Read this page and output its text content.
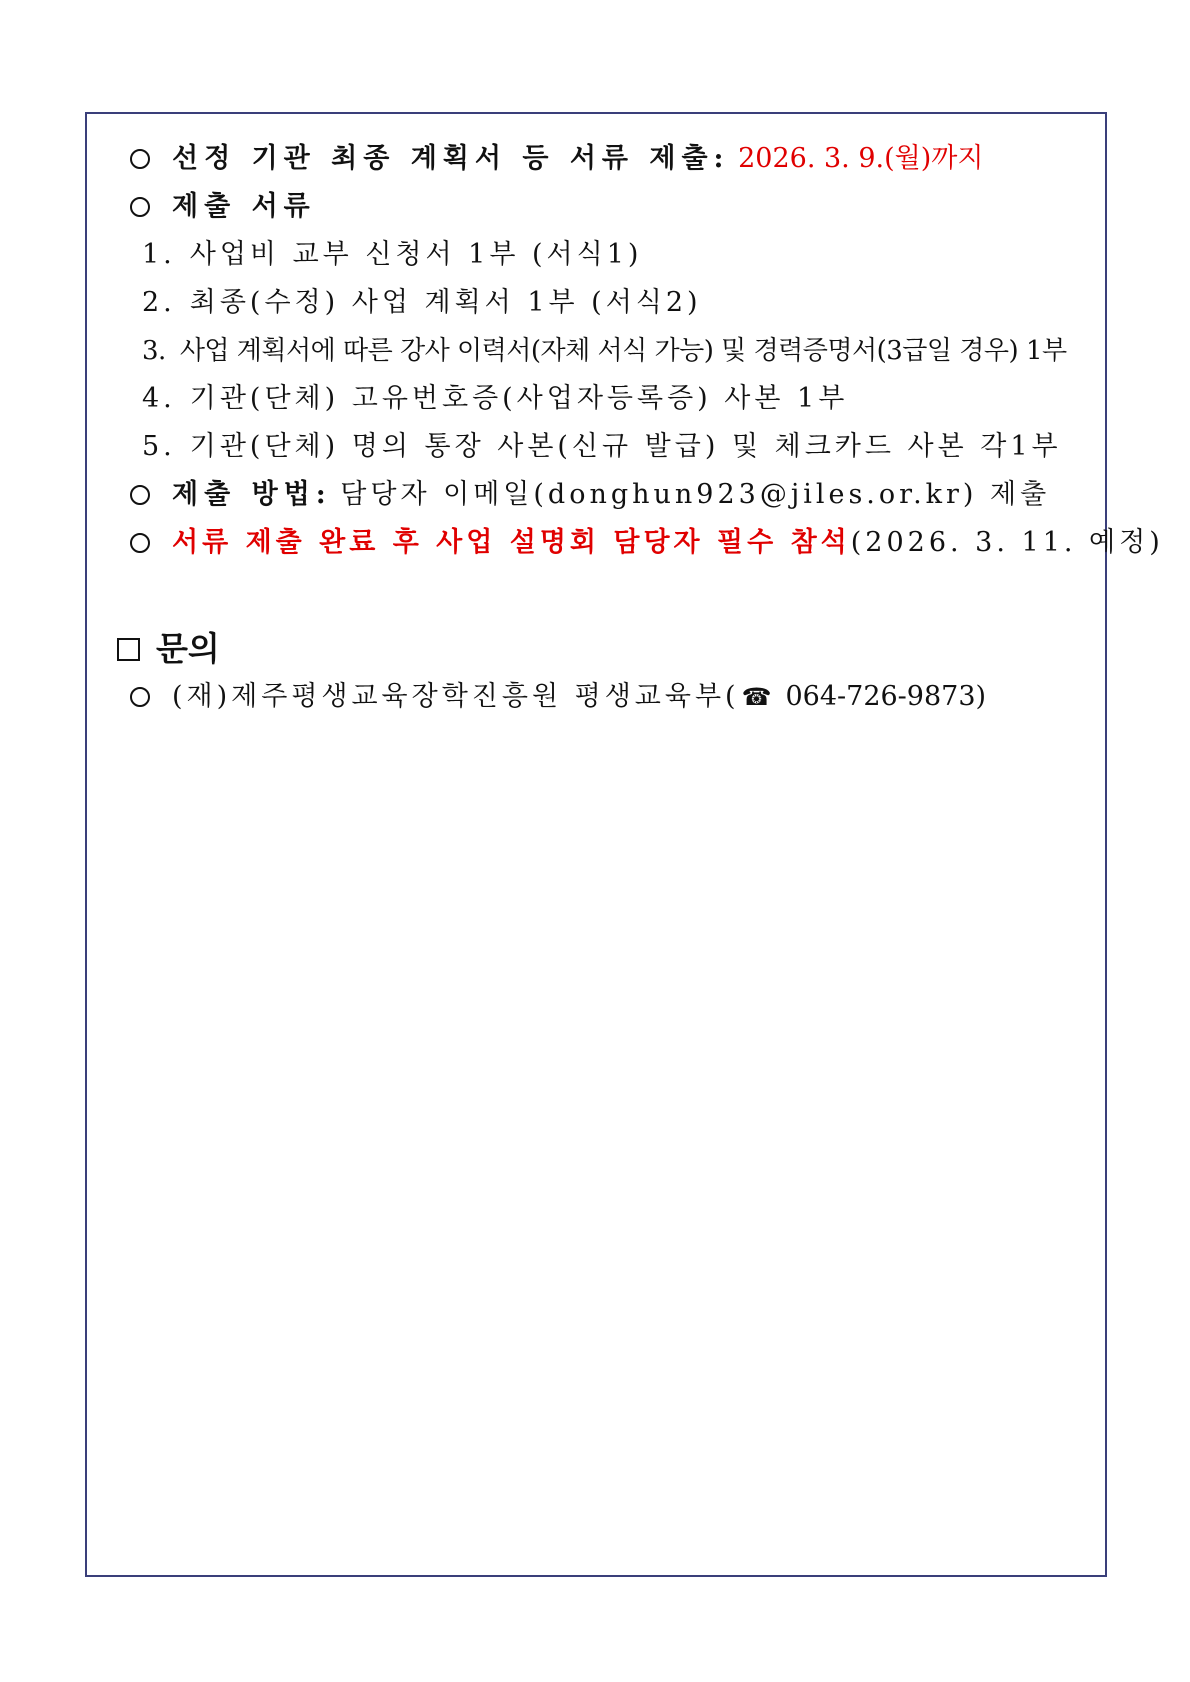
선정 기관 최종 계획서 등 서류 제출: 2026. 3. 9.(월)까지
제출 서류
1. 사업비 교부 신청서 1부 (서식1)
2. 최종(수정) 사업 계획서 1부 (서식2)
3. 사업 계획서에 따른 강사 이력서(자체 서식 가능) 및 경력증명서(3급일 경우) 1부
4. 기관(단체) 고유번호증(사업자등록증) 사본 1부
5. 기관(단체) 명의 통장 사본(신규 발급) 및 체크카드 사본 각1부
제출 방법: 담당자 이메일(donghun923@jiles.or.kr) 제출
서류 제출 완료 후 사업 설명회 담당자 필수 참석(2026. 3. 11. 예정)
문의
(재)제주평생교육장학진흥원 평생교육부(☎ 064-726-9873)
